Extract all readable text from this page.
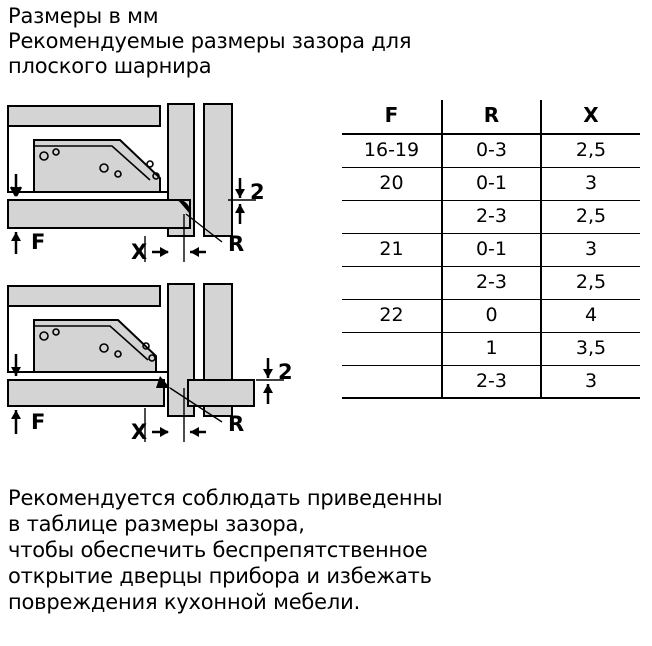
Размеры в мм
Рекомендуемые размеры зазора для
плоского шарнира
F	X	R
2
F	X	R
2
F	R	X
16-19	0-3	2,5
20	0-1	3
	2-3	2,5
21	0-1	3
	2-3	2,5
22	0	4
	1	3,5
	2-3	3
Рекомендуется соблюдать приведенны
в таблице размеры зазора,
чтобы обеспечить беспрепятственное
открытие дверцы прибора и избежать
повреждения кухонной мебели.
